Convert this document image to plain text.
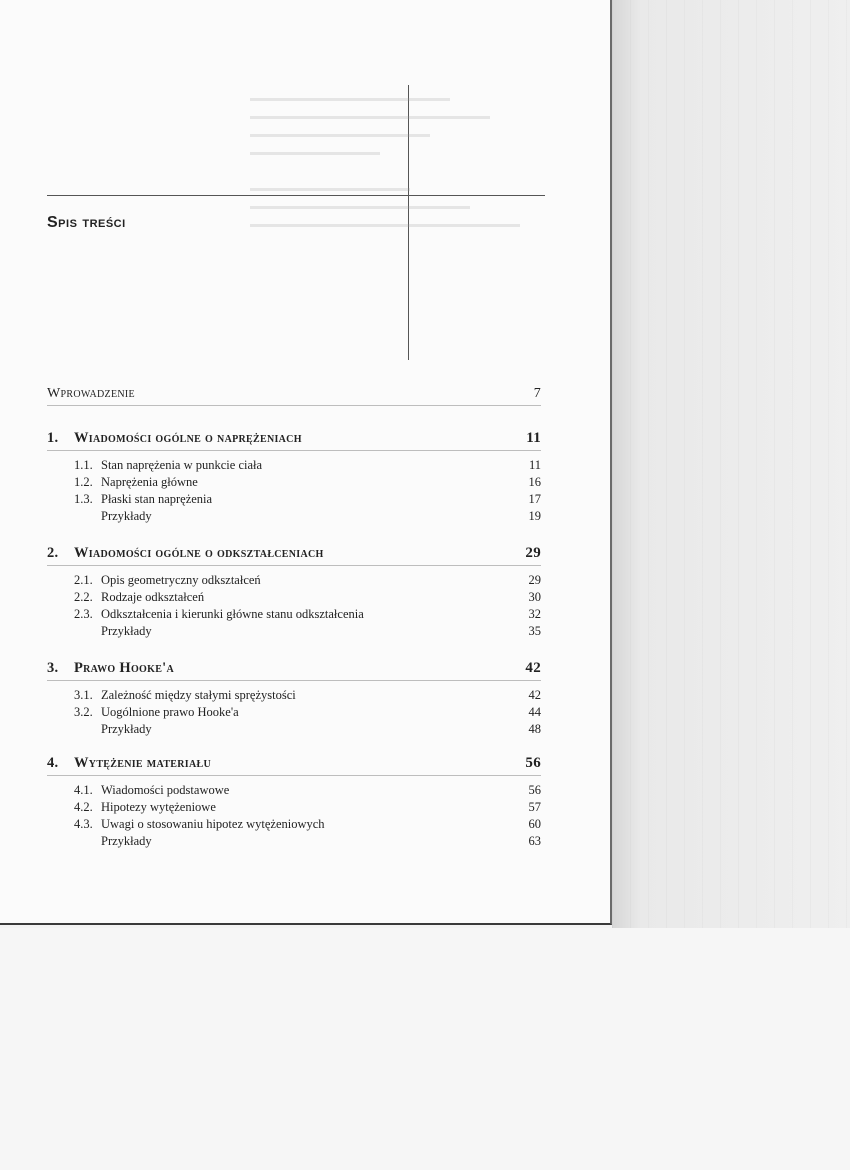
▬▬▬▬▬▬▬▬▬▬▬▬▬▬▬▬▬▬▬▬
▬▬▬▬▬▬▬▬▬▬▬▬▬▬▬▬▬▬▬▬▬▬▬▬
▬▬▬▬▬▬▬▬▬▬▬▬▬▬▬▬▬▬
▬▬▬▬▬▬▬▬▬▬▬▬▬

▬▬▬▬▬▬▬▬▬▬▬▬▬▬▬▬
▬▬▬▬▬▬▬▬▬▬▬▬▬▬▬▬▬▬▬▬▬▬
▬▬▬▬▬▬▬▬▬▬▬▬▬▬▬▬▬▬▬▬▬▬▬▬▬▬▬
Spis treści
Wprowadzenie	7
1. Wiadomości ogólne o naprężeniach	11
1.1. Stan naprężenia w punkcie ciała	11
1.2. Naprężenia główne	16
1.3. Płaski stan naprężenia	17
Przykłady	19
2. Wiadomości ogólne o odkształceniach	29
2.1. Opis geometryczny odkształceń	29
2.2. Rodzaje odkształceń	30
2.3. Odkształcenia i kierunki główne stanu odkształcenia	32
Przykłady	35
3. Prawo Hooke'a	42
3.1. Zależność między stałymi sprężystości	42
3.2. Uogólnione prawo Hooke'a	44
Przykłady	48
4. Wytężenie materiału	56
4.1. Wiadomości podstawowe	56
4.2. Hipotezy wytężeniowe	57
4.3. Uwagi o stosowaniu hipotez wytężeniowych	60
Przykłady	63
